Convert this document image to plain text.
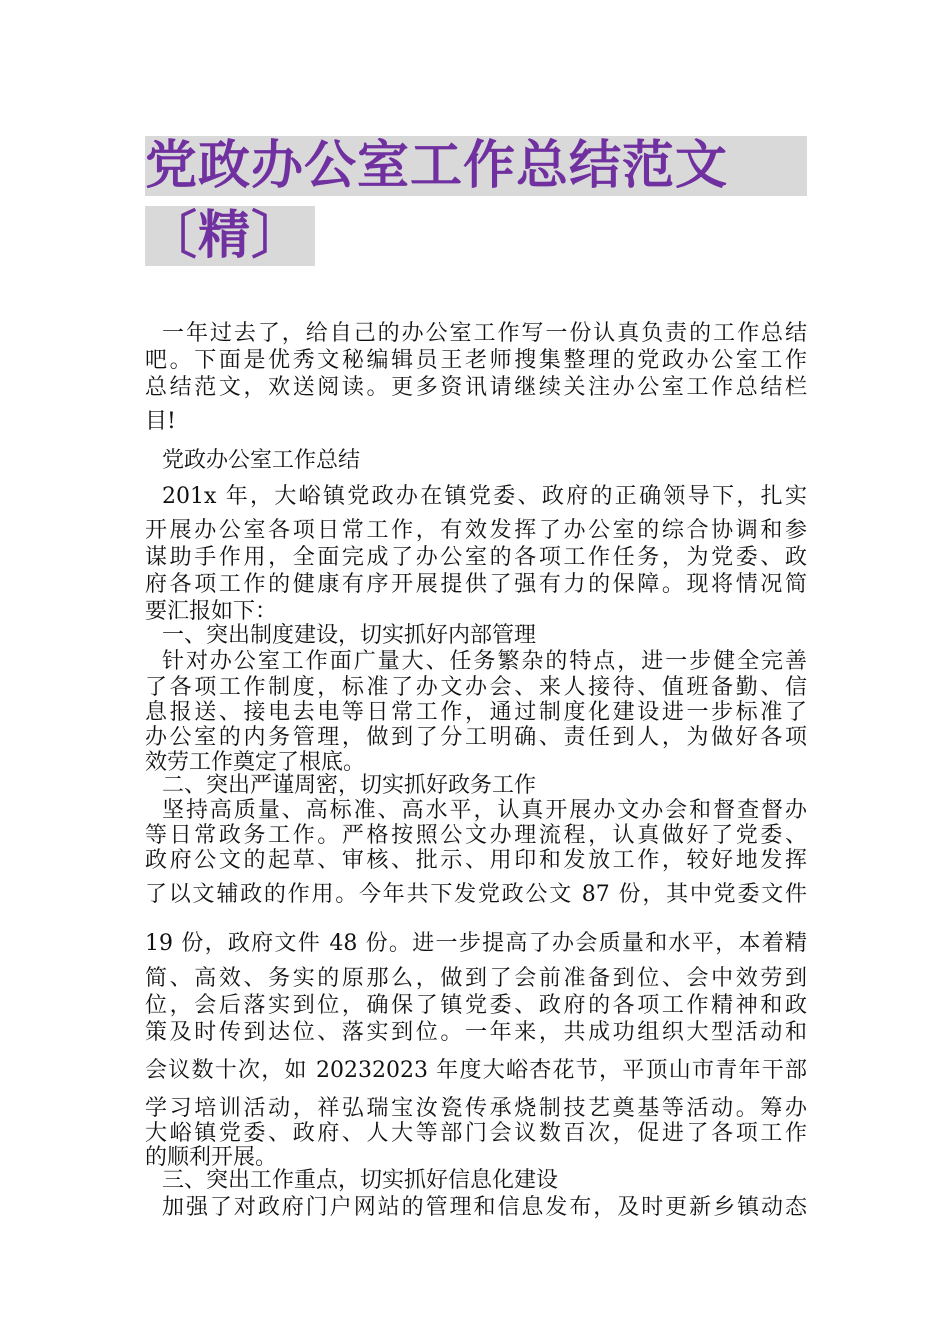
党政办公室工作总结范文
〔精〕
一年过去了，给自己的办公室工作写一份认真负责的工作总结
吧。下面是优秀文秘编辑员王老师搜集整理的党政办公室工作
总结范文，欢送阅读。更多资讯请继续关注办公室工作总结栏
目!
党政办公室工作总结
201x 年，大峪镇党政办在镇党委、政府的正确领导下，扎实
开展办公室各项日常工作，有效发挥了办公室的综合协调和参
谋助手作用，全面完成了办公室的各项工作任务，为党委、政
府各项工作的健康有序开展提供了强有力的保障。现将情况简
要汇报如下：
一、突出制度建设，切实抓好内部管理
针对办公室工作面广量大、任务繁杂的特点，进一步健全完善
了各项工作制度，标准了办文办会、来人接待、值班备勤、信
息报送、接电去电等日常工作，通过制度化建设进一步标准了
办公室的内务管理，做到了分工明确、责任到人，为做好各项
效劳工作奠定了根底。
二、突出严谨周密，切实抓好政务工作
坚持高质量、高标准、高水平，认真开展办文办会和督查督办
等日常政务工作。严格按照公文办理流程，认真做好了党委、
政府公文的起草、审核、批示、用印和发放工作，较好地发挥
了以文辅政的作用。今年共下发党政公文 87 份，其中党委文件
19 份，政府文件 48 份。进一步提高了办会质量和水平，本着精
简、高效、务实的原那么，做到了会前准备到位、会中效劳到
位，会后落实到位，确保了镇党委、政府的各项工作精神和政
策及时传到达位、落实到位。一年来，共成功组织大型活动和
会议数十次，如 20232023 年度大峪杏花节，平顶山市青年干部
学习培训活动，祥弘瑞宝汝瓷传承烧制技艺奠基等活动。筹办
大峪镇党委、政府、人大等部门会议数百次，促进了各项工作
的顺利开展。
三、突出工作重点，切实抓好信息化建设
加强了对政府门户网站的管理和信息发布，及时更新乡镇动态
